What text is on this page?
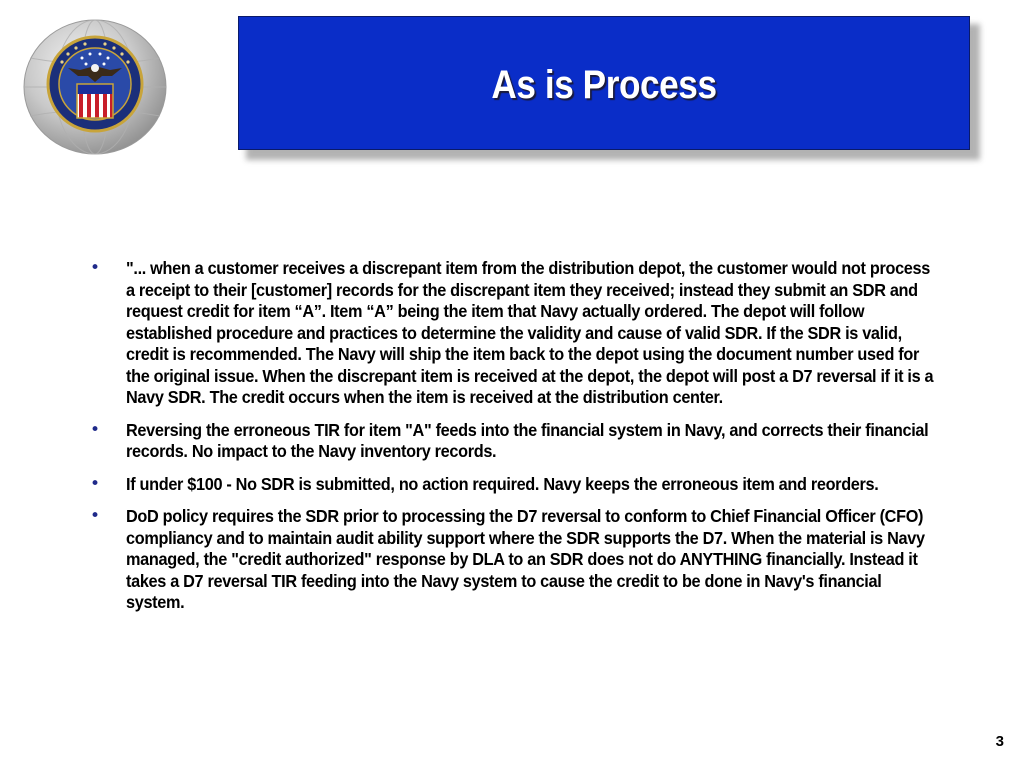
As is Process
• "... when a customer receives a discrepant item from the distribution depot, the customer would not process a receipt to their [customer] records for the discrepant item they received; instead they submit an SDR and request credit for item “A”. Item “A” being the item that Navy actually ordered. The depot will follow established procedure and practices to determine the validity and cause of valid SDR. If the SDR is valid, credit is recommended. The Navy will ship the item back to the depot using the document number used for the original issue. When the discrepant item is received at the depot, the depot will post a D7 reversal if it is a Navy SDR. The credit occurs when the item is received at the distribution center.
• Reversing the erroneous TIR for item "A" feeds into the financial system in Navy, and corrects their financial records. No impact to the Navy inventory records.
• If under $100 - No SDR is submitted, no action required. Navy keeps the erroneous item and reorders.
• DoD policy requires the SDR prior to processing the D7 reversal to conform to Chief Financial Officer (CFO) compliancy and to maintain audit ability support where the SDR supports the D7. When the material is Navy managed, the "credit authorized" response by DLA to an SDR does not do ANYTHING financially. Instead it takes a D7 reversal TIR feeding into the Navy system to cause the credit to be done in Navy's financial system.
3
